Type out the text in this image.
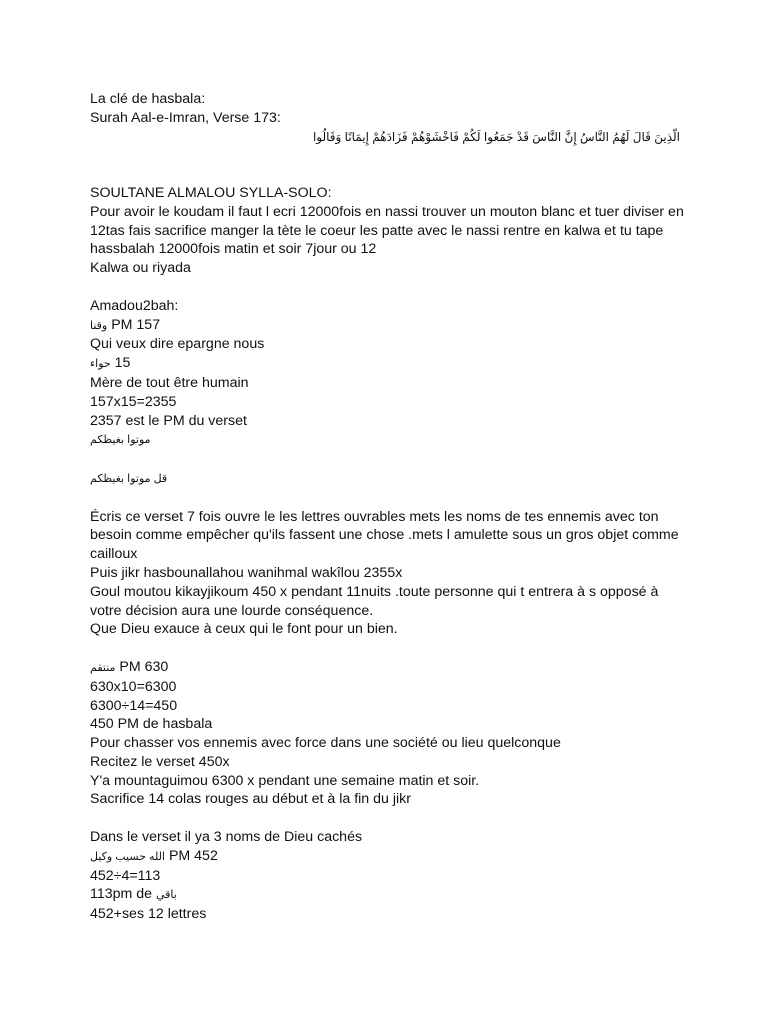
La clé de hasbala:
Surah Aal-e-Imran, Verse 173:
الَّذِينَ قَالَ لَهُمُ النَّاسُ إِنَّ النَّاسَ قَدْ جَمَعُوا لَكُمْ فَاخْشَوْهُمْ فَزَادَهُمْ إِيمَانًا وَقَالُوا
SOULTANE ALMALOU SYLLA-SOLO:
Pour avoir le koudam il faut l ecri 12000fois en nassi trouver un mouton blanc et tuer diviser en
12tas fais sacrifice manger la tète le coeur les patte avec le nassi rentre en kalwa et tu tape
hassbalah 12000fois matin et soir 7jour ou 12
Kalwa ou riyada
Amadou2bah:
وقنا PM 157
Qui veux dire epargne nous
حواء 15
Mère de tout être humain
157x15=2355
2357 est le PM du verset
موتوا بغيظكم
قل موتوا بغيظكم
Écris ce verset 7 fois ouvre le les lettres ouvrables mets les noms de tes ennemis avec ton
besoin comme empêcher qu'ils fassent une chose .mets l amulette sous un gros objet comme
cailloux
Puis jikr hasbounallahou wanihmal wakîlou 2355x
Goul moutou kikayjikoum 450 x pendant 11nuits .toute personne qui t entrera à s opposé à
votre décision aura une lourde conséquence.
Que Dieu exauce à ceux qui le font pour un bien.
منتقم PM 630
630x10=6300
6300÷14=450
450 PM de hasbala
Pour chasser vos ennemis avec force dans une société ou lieu quelconque
Recitez le verset 450x
Y'a mountaguimou 6300 x pendant une semaine matin et soir.
Sacrifice 14 colas rouges au début et à la fin du jikr
Dans le verset il ya 3 noms de Dieu cachés
الله حسيب وكيل PM 452
452÷4=113
113pm de باقي
452+ses 12 lettres
